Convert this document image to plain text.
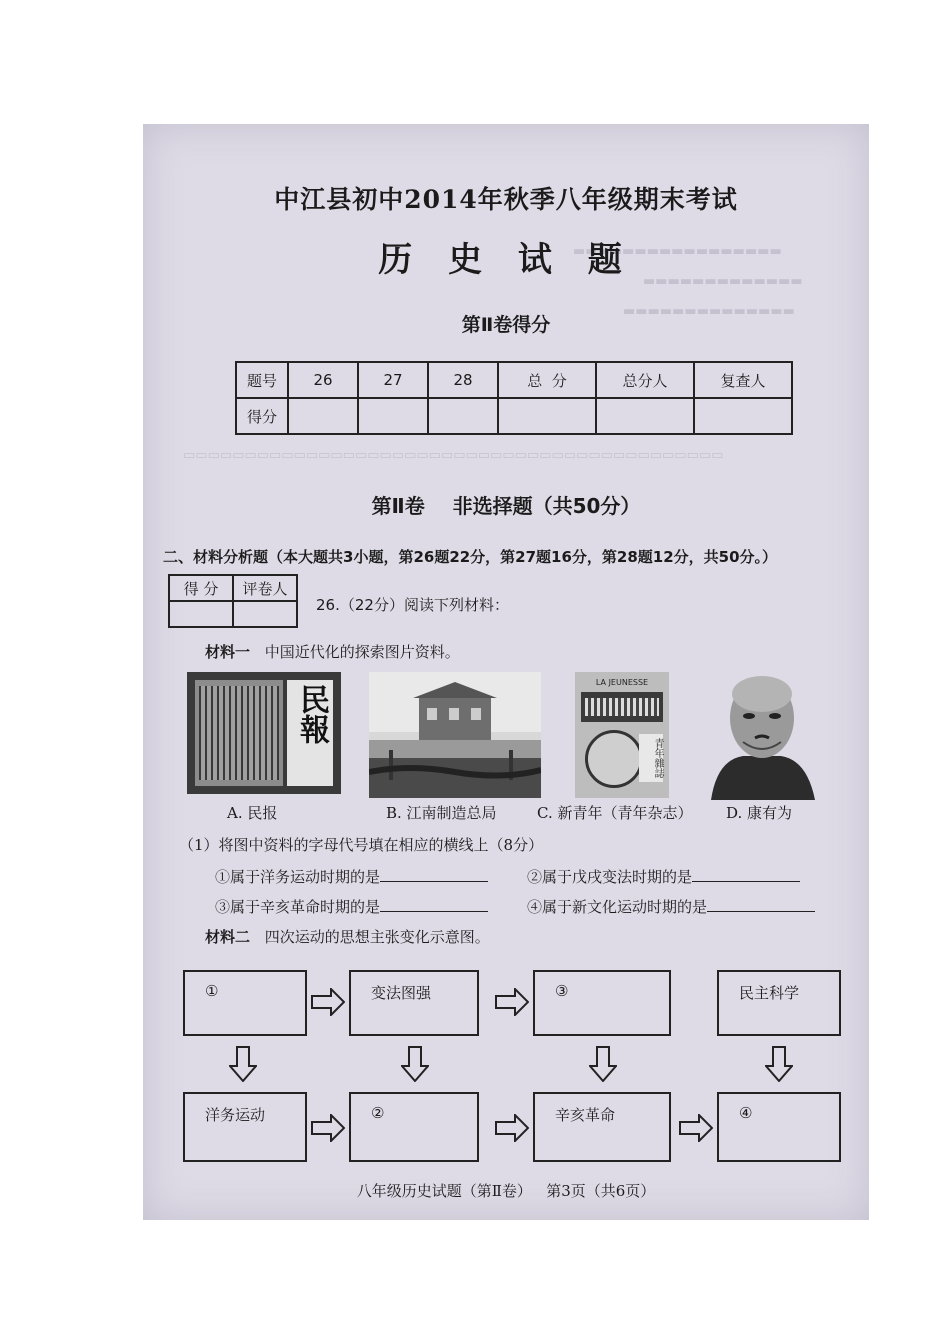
▬▬▬▬▬▬▬▬▬▬▬▬▬▬▬▬▬
▬▬▬▬▬▬▬▬▬▬▬▬▬
▬▬▬▬▬▬▬▬▬▬▬▬▬▬
▭▭▭▭▭▭▭▭▭▭▭▭▭▭▭▭▭▭▭▭▭▭▭▭▭▭▭▭▭▭▭▭▭▭▭▭▭▭▭▭▭▭▭▭
中江县初中2014年秋季八年级期末考试
历 史 试 题
第Ⅱ卷得分
题号	26	27	28	总  分	总分人	复查人
得分						
第Ⅱ卷    非选择题（共50分）
二、材料分析题（本大题共3小题，第26题22分，第27题16分，第28题12分，共50分。）
得 分	评卷人

26.（22分）阅读下列材料：
材料一 中国近代化的探索图片资料。
民報
LA JEUNESSE
青年雜誌
A. 民报	B. 江南制造总局	C. 新青年（青年杂志） D. 康有为
（1）将图中资料的字母代号填在相应的横线上（8分）
①属于洋务运动时期的是	②属于戊戌变法时期的是
③属于辛亥革命时期的是	④属于新文化运动时期的是
材料二 四次运动的思想主张变化示意图。
①	变法图强	③	民主科学
洋务运动	②	辛亥革命	④
八年级历史试题（第Ⅱ卷）   第3页（共6页）
